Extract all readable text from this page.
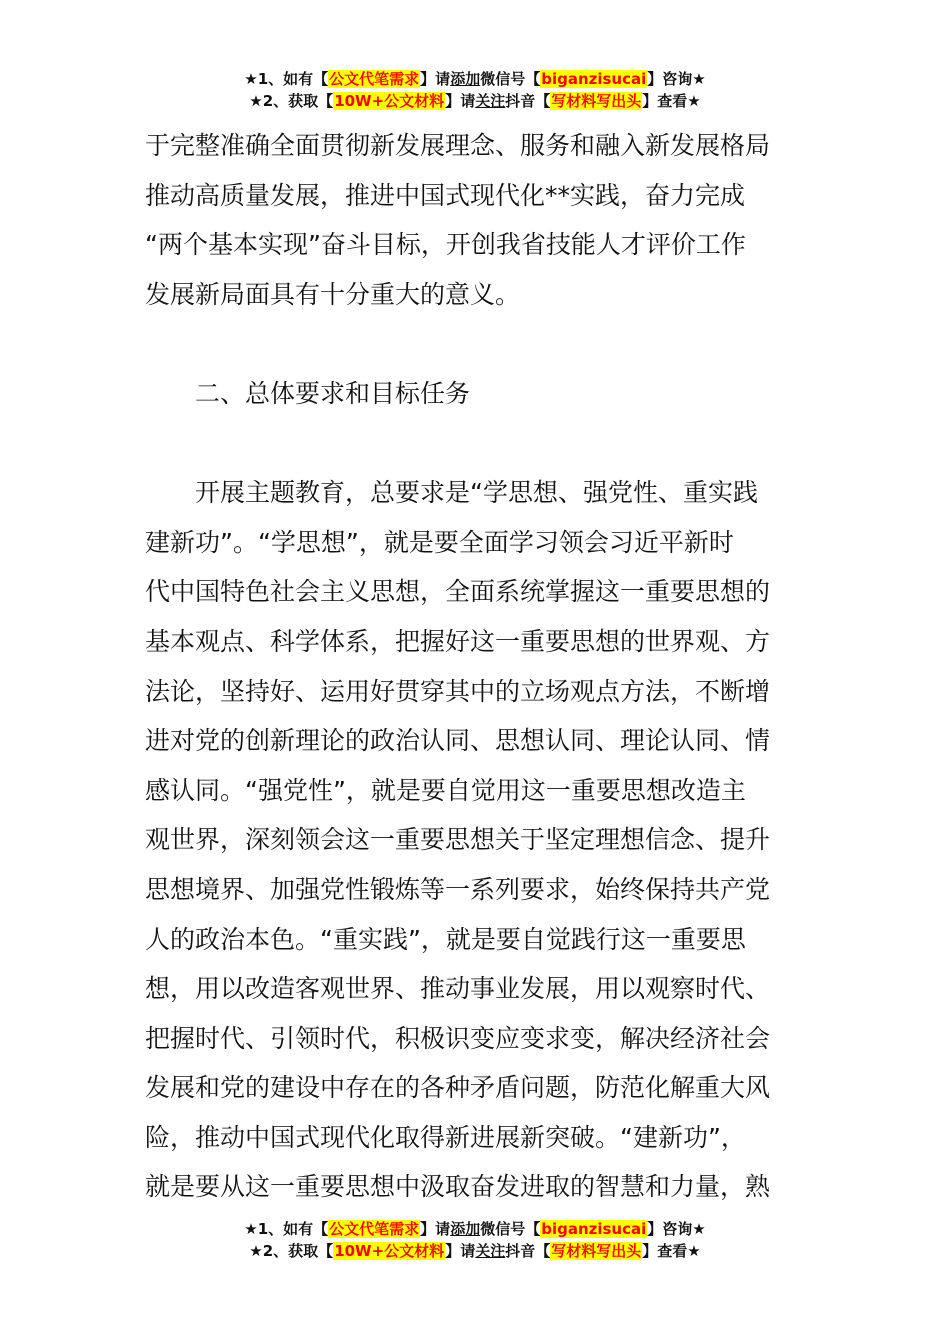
★1、如有【公文代笔需求】请添加微信号【biganzisucai】咨询★
★2、获取【10W+公文材料】请关注抖音【写材料写出头】查看★
于完整准确全面贯彻新发展理念、服务和融入新发展格局
推动高质量发展，推进中国式现代化**实践，奋力完成
“两个基本实现”奋斗目标，开创我省技能人才评价工作
发展新局面具有十分重大的意义。
二、总体要求和目标任务
开展主题教育，总要求是“学思想、强党性、重实践
建新功”。“学思想”，就是要全面学习领会习近平新时
代中国特色社会主义思想，全面系统掌握这一重要思想的
基本观点、科学体系，把握好这一重要思想的世界观、方
法论，坚持好、运用好贯穿其中的立场观点方法，不断增
进对党的创新理论的政治认同、思想认同、理论认同、情
感认同。“强党性”，就是要自觉用这一重要思想改造主
观世界，深刻领会这一重要思想关于坚定理想信念、提升
思想境界、加强党性锻炼等一系列要求，始终保持共产党
人的政治本色。“重实践”，就是要自觉践行这一重要思
想，用以改造客观世界、推动事业发展，用以观察时代、
把握时代、引领时代，积极识变应变求变，解决经济社会
发展和党的建设中存在的各种矛盾问题，防范化解重大风
险，推动中国式现代化取得新进展新突破。“建新功”，
就是要从这一重要思想中汲取奋发进取的智慧和力量，熟
★1、如有【公文代笔需求】请添加微信号【biganzisucai】咨询★
★2、获取【10W+公文材料】请关注抖音【写材料写出头】查看★
